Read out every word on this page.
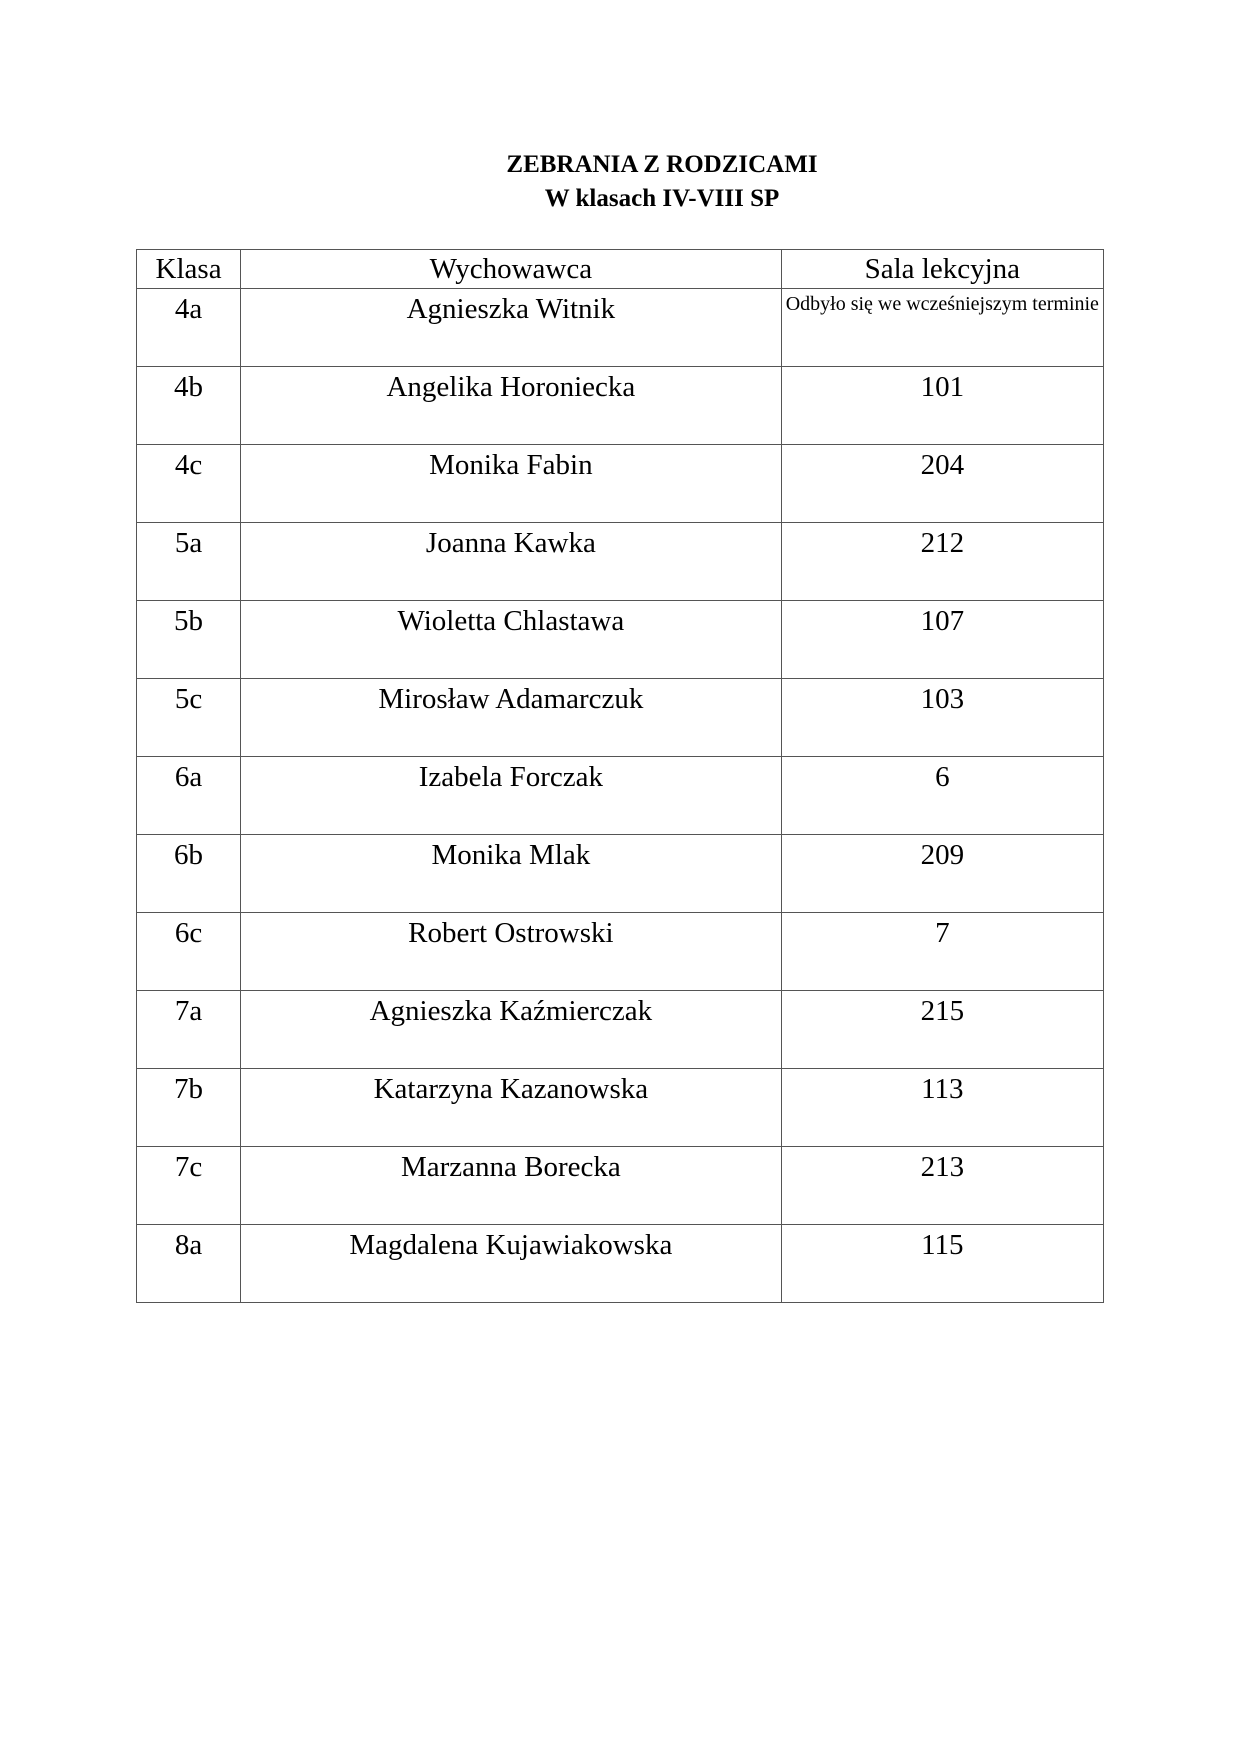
ZEBRANIA Z RODZICAMI
W klasach IV-VIII SP
Klasa	Wychowawca	Sala lekcyjna
4a	Agnieszka Witnik	Odbyło się we wcześniejszym terminie

4b	Angelika Horoniecka	101
4c	Monika Fabin	204
5a	Joanna Kawka	212
5b	Wioletta Chlastawa	107
5c	Mirosław Adamarczuk	103
6a	Izabela Forczak	6
6b	Monika Mlak	209
6c	Robert Ostrowski	7
7a	Agnieszka Kaźmierczak	215
7b	Katarzyna Kazanowska	113
7c	Marzanna Borecka	213
8a	Magdalena Kujawiakowska	115
